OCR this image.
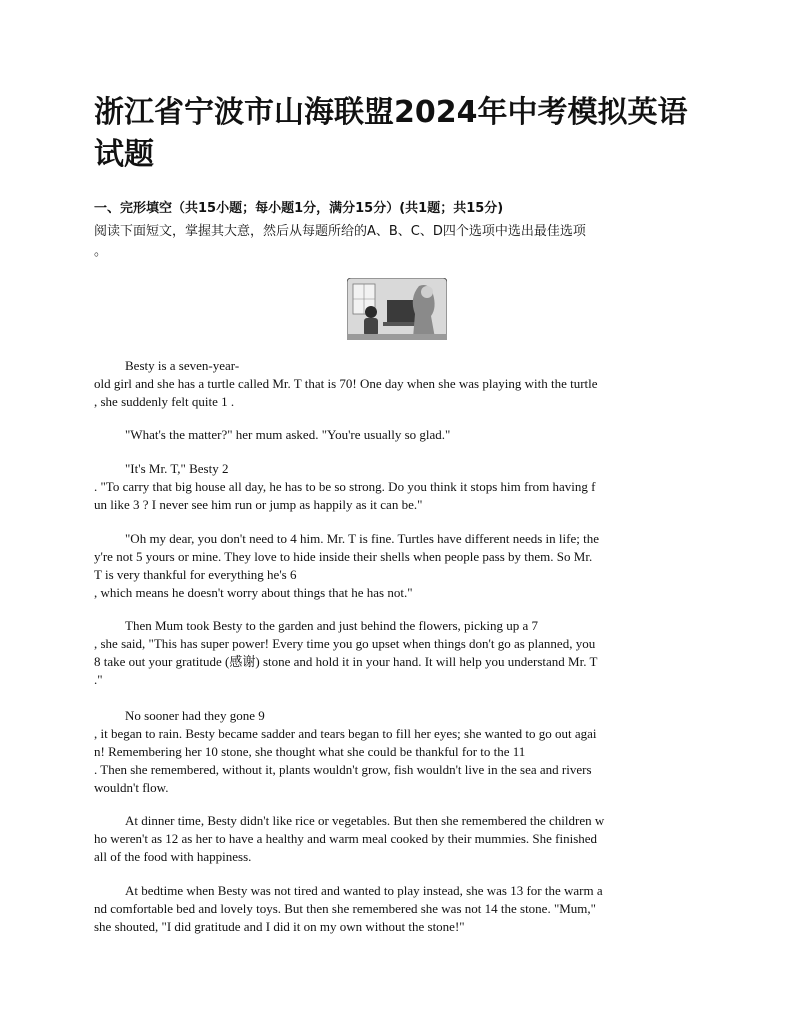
浙江省宁波市山海联盟2024年中考模拟英语
试题
一、完形填空（共15小题；每小题1分，满分15分）(共1题；共15分)
阅读下面短文，掌握其大意，然后从每题所给的A、B、C、D四个选项中选出最佳选项
。
Besty is a seven-year-
old girl and she has a turtle called Mr. T that is 70! One day when she was playing with the turtle
, she suddenly felt quite 1 .
"What's the matter?" her mum asked. "You're usually so glad."
"It's Mr. T," Besty 2
. "To carry that big house all day, he has to be so strong. Do you think it stops him from having f
un like 3 ? I never see him run or jump as happily as it can be."
"Oh my dear, you don't need to 4 him. Mr. T is fine. Turtles have different needs in life; the
y're not 5 yours or mine. They love to hide inside their shells when people pass by them. So Mr.
T is very thankful for everything he's 6
, which means he doesn't worry about things that he has not."
Then Mum took Besty to the garden and just behind the flowers, picking up a 7
, she said, "This has super power! Every time you go upset when things don't go as planned, you
8 take out your gratitude (感谢) stone and hold it in your hand. It will help you understand Mr. T
."
No sooner had they gone 9
, it began to rain. Besty became sadder and tears began to fill her eyes; she wanted to go out agai
n! Remembering her 10 stone, she thought what she could be thankful for to the 11
. Then she remembered, without it, plants wouldn't grow, fish wouldn't live in the sea and rivers
wouldn't flow.
At dinner time, Besty didn't like rice or vegetables. But then she remembered the children w
ho weren't as 12 as her to have a healthy and warm meal cooked by their mummies. She finished
all of the food with happiness.
At bedtime when Besty was not tired and wanted to play instead, she was 13 for the warm a
nd comfortable bed and lovely toys. But then she remembered she was not 14 the stone. "Mum,"
she shouted, "I did gratitude and I did it on my own without the stone!"
